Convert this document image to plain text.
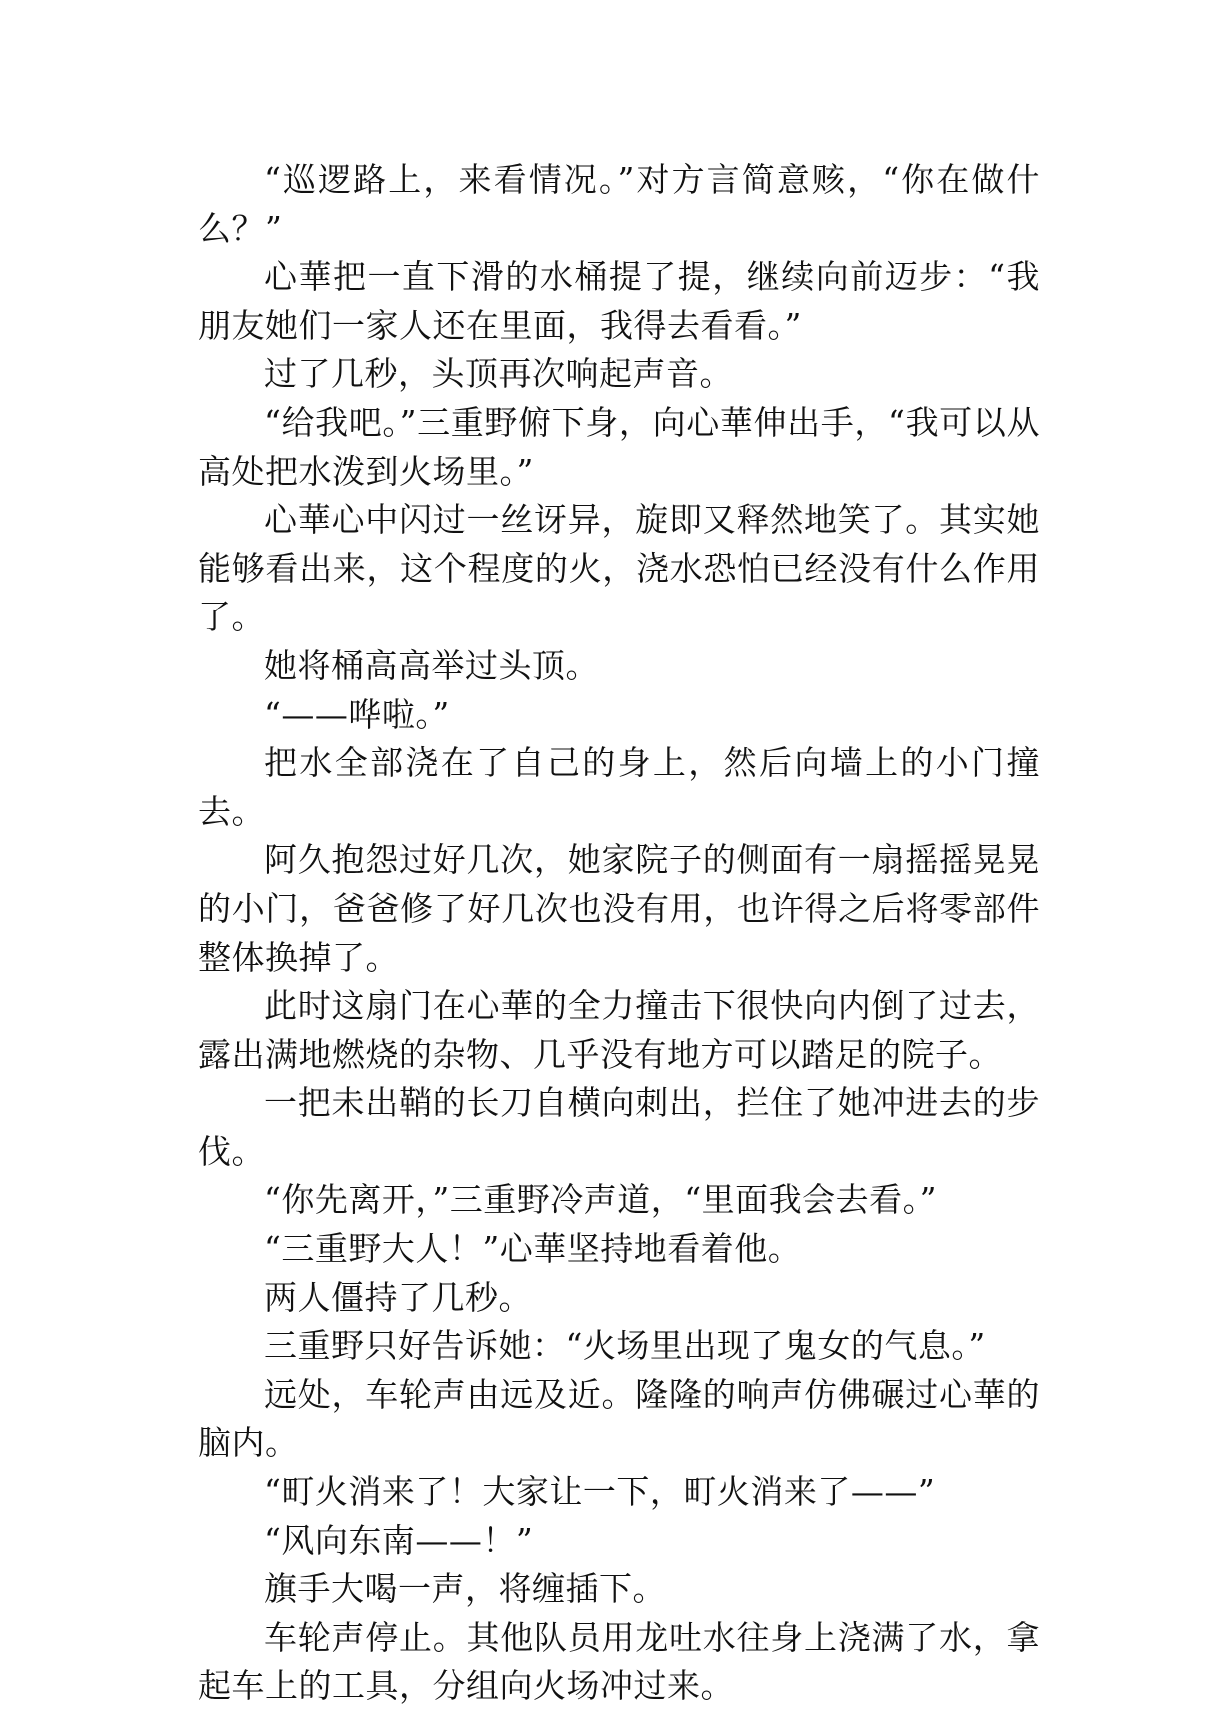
“巡逻路上，来看情况。”对方言简意赅，“你在做什么？”

心華把一直下滑的水桶提了提，继续向前迈步：“我朋友她们一家人还在里面，我得去看看。”

过了几秒，头顶再次响起声音。

“给我吧。”三重野俯下身，向心華伸出手，“我可以从高处把水泼到火场里。”

心華心中闪过一丝讶异，旋即又释然地笑了。其实她能够看出来，这个程度的火，浇水恐怕已经没有什么作用了。

她将桶高高举过头顶。

“——哗啦。”

把水全部浇在了自己的身上，然后向墙上的小门撞去。

阿久抱怨过好几次，她家院子的侧面有一扇摇摇晃晃的小门，爸爸修了好几次也没有用，也许得之后将零部件整体换掉了。

此时这扇门在心華的全力撞击下很快向内倒了过去，露出满地燃烧的杂物、几乎没有地方可以踏足的院子。

一把未出鞘的长刀自横向刺出，拦住了她冲进去的步伐。

“你先离开，”三重野冷声道，“里面我会去看。”

“三重野大人！”心華坚持地看着他。

两人僵持了几秒。

三重野只好告诉她：“火场里出现了鬼女的气息。”

远处，车轮声由远及近。隆隆的响声仿佛碾过心華的脑内。

“町火消来了！大家让一下，町火消来了——”

“风向东南——！”

旗手大喝一声，将缠插下。

车轮声停止。其他队员用龙吐水往身上浇满了水，拿起车上的工具，分组向火场冲过来。
